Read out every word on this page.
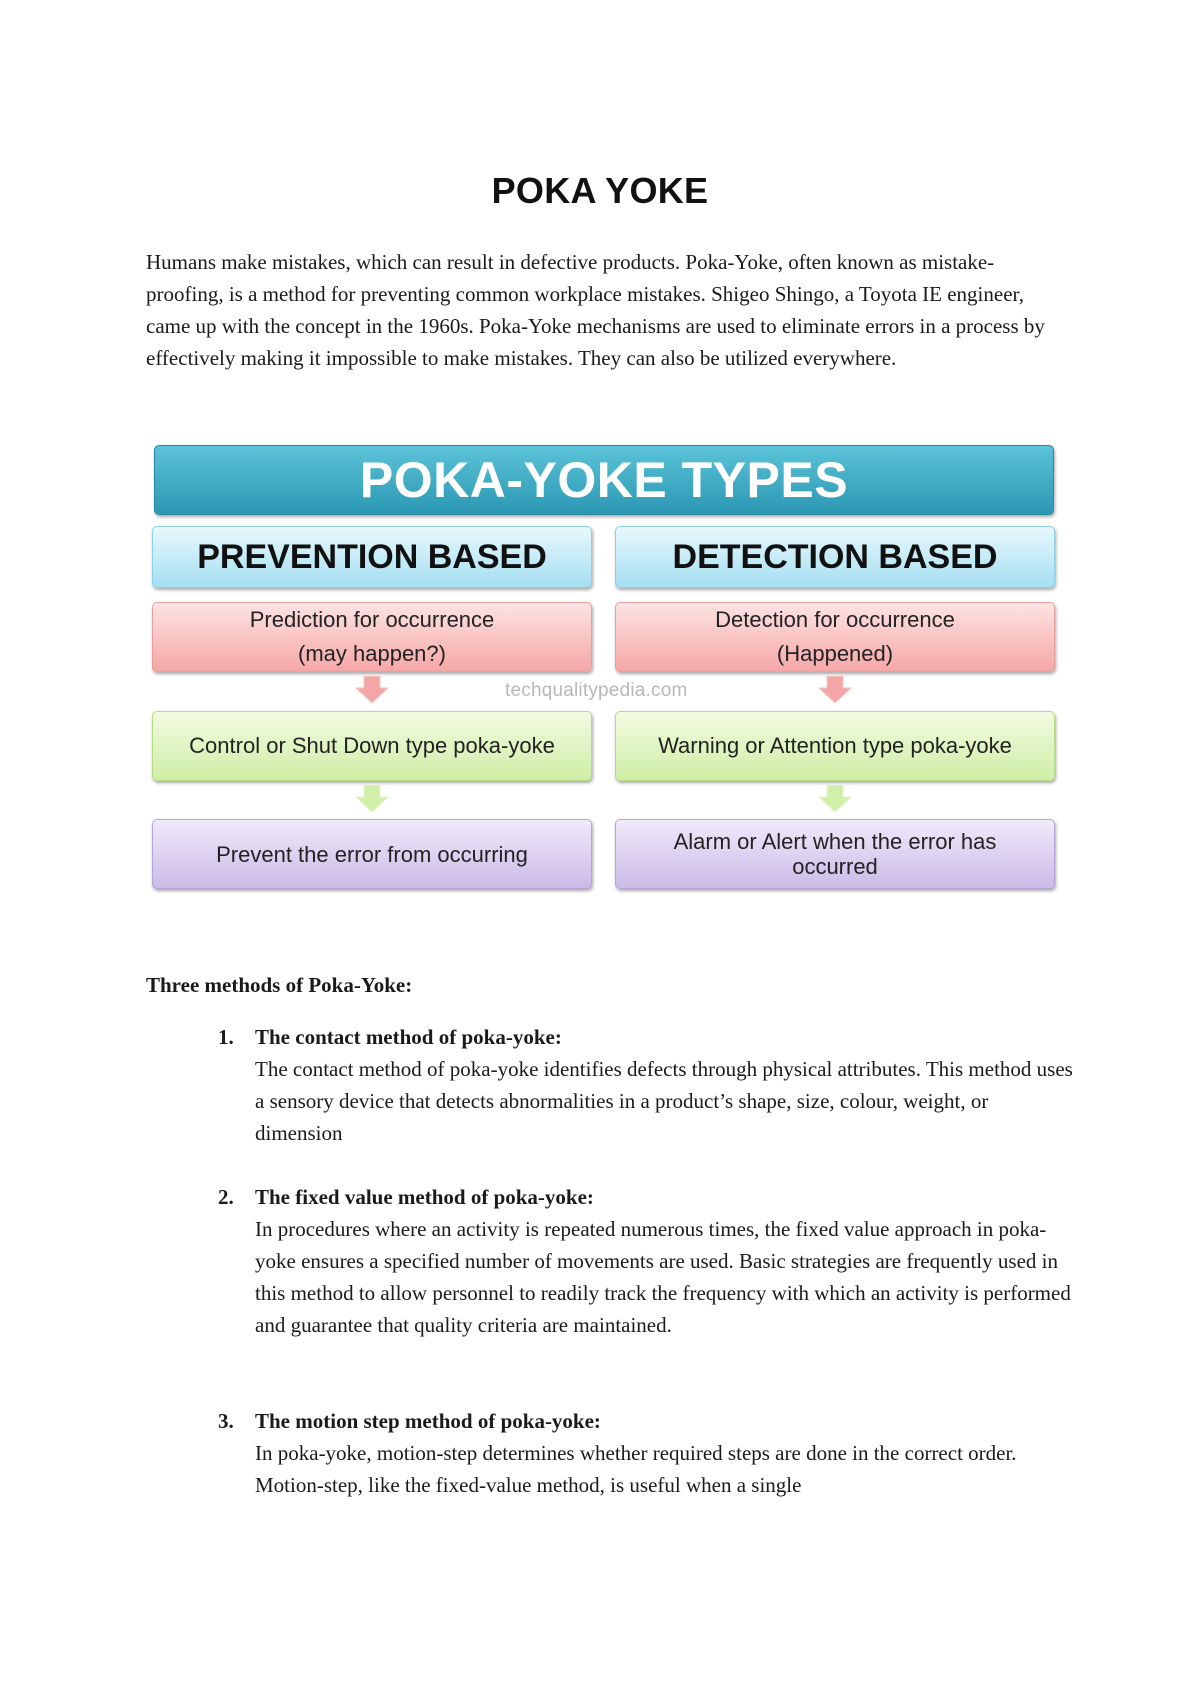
POKA YOKE

Humans make mistakes, which can result in defective products. Poka-Yoke, often known as mistake-proofing, is a method for preventing common workplace mistakes. Shigeo Shingo, a Toyota IE engineer, came up with the concept in the 1960s. Poka-Yoke mechanisms are used to eliminate errors in a process by effectively making it impossible to make mistakes. They can also be utilized everywhere.

POKA-YOKE TYPES
PREVENTION BASED	DETECTION BASED
Prediction for occurrence
(may happen?)
Detection for occurrence
(Happened)
techqualitypedia.com
Control or Shut Down type poka-yoke	Warning or Attention type poka-yoke
Prevent the error from occurring	Alarm or Alert when the error has occurred
Three methods of Poka-Yoke:
1. The contact method of poka-yoke:
The contact method of poka-yoke identifies defects through physical attributes. This method uses a sensory device that detects abnormalities in a product’s shape, size, colour, weight, or dimension
2. The fixed value method of poka-yoke:
In procedures where an activity is repeated numerous times, the fixed value approach in poka-yoke ensures a specified number of movements are used. Basic strategies are frequently used in this method to allow personnel to readily track the frequency with which an activity is performed and guarantee that quality criteria are maintained.
3. The motion step method of poka-yoke:
In poka-yoke, motion-step determines whether required steps are done in the correct order. Motion-step, like the fixed-value method, is useful when a single
